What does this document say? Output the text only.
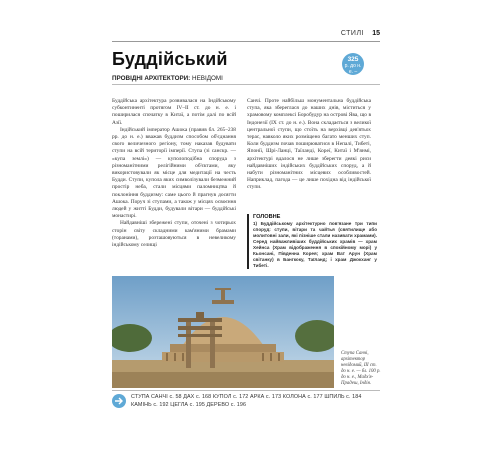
СТИЛІ 15
Буддійський	325
р. до н. е. –
Бл 500 р.
ПРОВІДНІ АРХІТЕКТОРИ: НЕВІДОМІ

Буддійська архітектура розвивалася на Індійському субконтиненті протягом IV–II ст. до н. е. і поширилася спочатку в Китаї, а потім далі по всій Азії.

Індійський імператор Ашока (правив бл. 265–238 рр. до н. е.) вважав буддизм способом об'єднання свого величезного регіону, тому наказав будувати ступи на всій території імперії. Ступа (зі санскр. — «купа землі») — куполоподібна споруда з різноманітними релігійними об'єктами, яку використовували як місце для медитації на честь Будди. Ступи, купола яких символізували безмежний простір неба, стали місцями паломництва й поклоніння буддизму: саме цього й прагнув досягти Ашока. Поруч зі ступами, а також у місцях освоєння людей у житті Будди, будували вітари — буддійські монастирі.

Найдавніші збережені ступи, оточені з чотирьох сторін світу складними кам'яними брамами (торанами), розташовуються в невеликому індійському селищі

Санчі. Проте найбільш монументальна буддійська ступа, яка збереглася до наших днів, міститься у храмовому комплексі Боробудур на острові Ява, що в Індонезії (IX ст. до н. е.). Вона складається з великої центральної ступи, що стоїть на верхівці дев'ятьох терас, навколо яких розміщено багато менших ступ. Коли буддизм почав поширюватися в Непалі, Тибеті, Японії, Шрі-Ланці, Таїланді, Кореї, Китаї і М'янмі, архітектурі вдалося не лише зберегти деякі риси найдавніших індійських буддійських споруд, а й набути різноманітних місцевих особливостей. Наприклад, пагода — це лише похідна від індійської ступи.

ГОЛОВНЕ
1) Буддійському архітектурно пов'язане три типи споруд: ступи, вітари та чайтья (святилище або молитовні зали, які пізніше стали називати храмами). Серед найважливіших буддійських храмів — храм Хейнса (Храм відображення в спокійному морі) у Кьонсані, Південна Корея; храм Ват Арун (Храм світанку) в Бангкоку, Таїланд; і храм Джокханг у Тибеті.
Ступа Санчі, архітектор невідомий, III ст. до н. е. — бл. 100 р. до н. е., Мадх'я-Прадеш, Індія.
СТУПА САНЧІ с. 58 ДАХ с. 168 КУПОЛ с. 172 АРКА с. 173 КОЛОНА с. 177 ШПИЛЬ с. 184
КАМІНЬ с. 192 ЦЕГЛА с. 195 ДЕРЕВО с. 196
